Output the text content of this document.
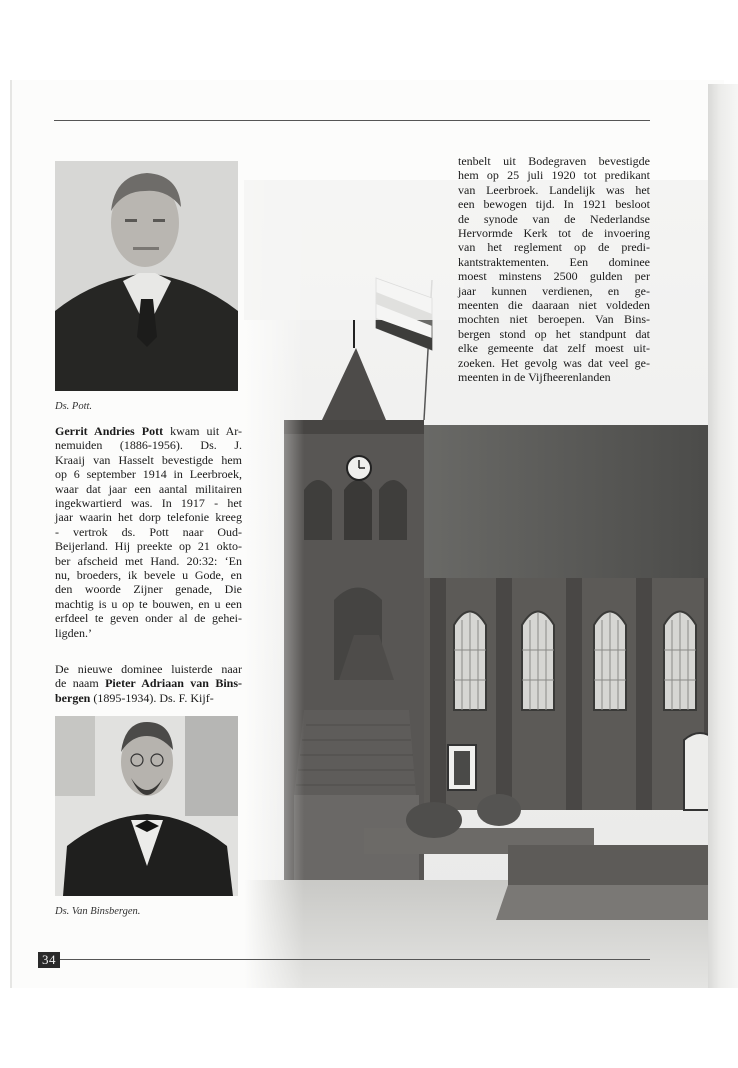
Ds. Pott.
Gerrit Andries Pott kwam uit Ar-
nemuiden (1886-1956). Ds. J.
Kraaij van Hasselt bevestigde hem
op 6 september 1914 in Leerbroek,
waar dat jaar een aantal militairen
ingekwartierd was. In 1917 - het
jaar waarin het dorp telefonie kreeg
- vertrok ds. Pott naar Oud-
Beijerland. Hij preekte op 21 okto-
ber afscheid met Hand. 20:32: ‘En
nu, broeders, ik bevele u Gode, en
den woorde Zijner genade, Die
machtig is u op te bouwen, en u een
erfdeel te geven onder al de gehei-
ligden.’
De nieuwe dominee luisterde naar
de naam Pieter Adriaan van Bins-
bergen (1895-1934). Ds. F. Kijf-
Ds. Van Binsbergen.
tenbelt uit Bodegraven bevestigde
hem op 25 juli 1920 tot predikant
van Leerbroek. Landelijk was het
een bewogen tijd. In 1921 besloot
de synode van de Nederlandse
Hervormde Kerk tot de invoering
van het reglement op de predi-
kantstraktementen. Een dominee
moest minstens 2500 gulden per
jaar kunnen verdienen, en ge-
meenten die daaraan niet voldeden
mochten niet beroepen. Van Bins-
bergen stond op het standpunt dat
elke gemeente dat zelf moest uit-
zoeken. Het gevolg was dat veel ge-
meenten in de Vijfheerenlanden
34
